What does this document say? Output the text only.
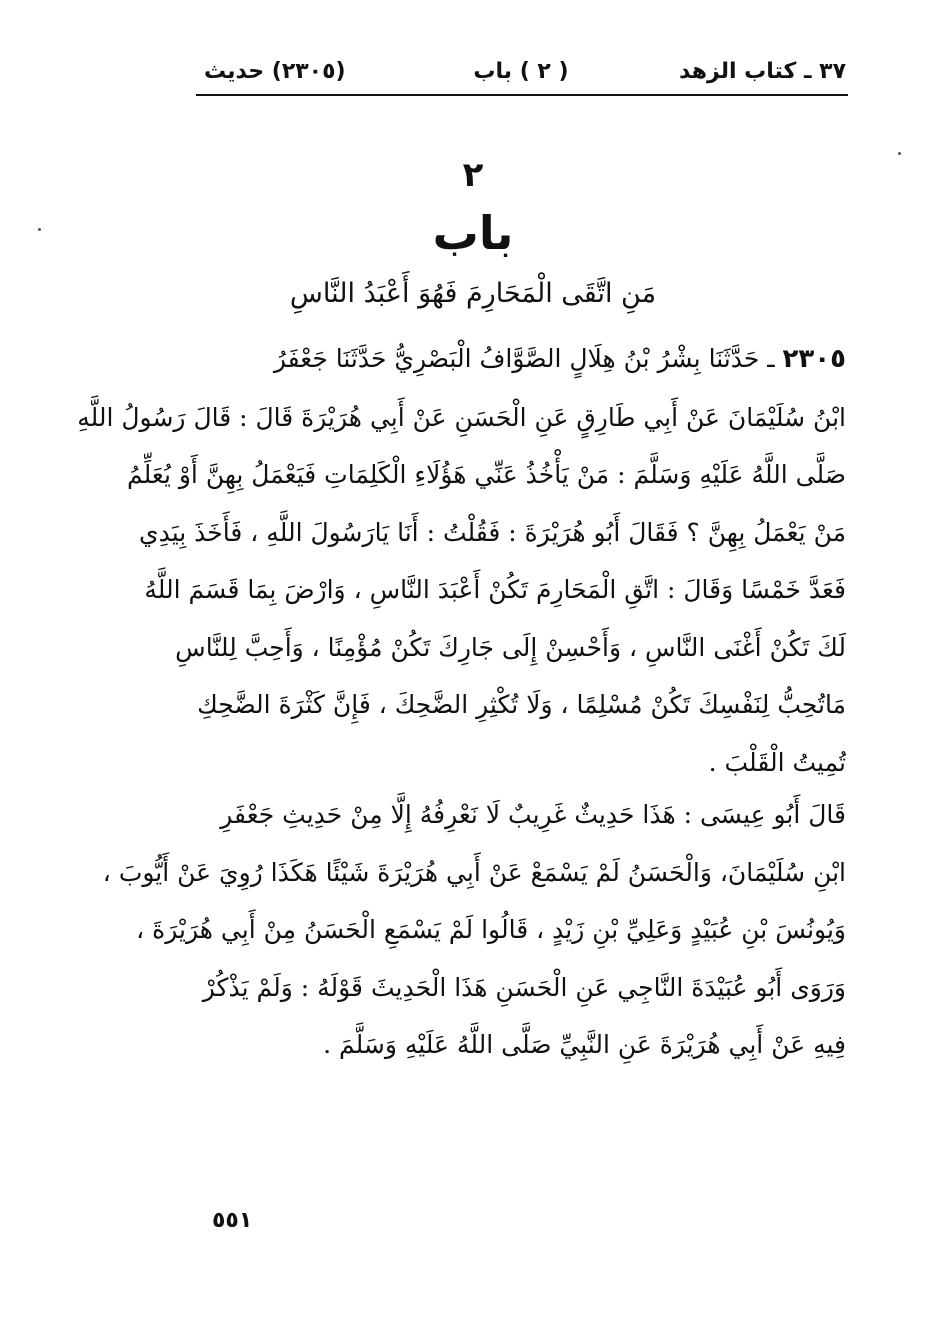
٣٧ ـ كتاب الزهد
( ٢ ) باب
(٢٣٠٥) حديث
٢
باب
مَنِ اتَّقَى الْمَحَارِمَ فَهُوَ أَعْبَدُ النَّاسِ
٢٣٠٥ ـ حَدَّثَنَا بِشْرُ بْنُ هِلَالٍ الصَّوَّافُ الْبَصْرِيُّ حَدَّثَنَا جَعْفَرُ
ابْنُ سُلَيْمَانَ عَنْ أَبِي طَارِقٍ عَنِ الْحَسَنِ عَنْ أَبِي هُرَيْرَةَ قَالَ : قَالَ رَسُولُ اللَّهِ
صَلَّى اللَّهُ عَلَيْهِ وَسَلَّمَ : مَنْ يَأْخُذُ عَنِّي هَؤُلَاءِ الْكَلِمَاتِ فَيَعْمَلُ بِهِنَّ أَوْ يُعَلِّمُ
مَنْ يَعْمَلُ بِهِنَّ ؟ فَقَالَ أَبُو هُرَيْرَةَ : فَقُلْتُ : أَنَا يَارَسُولَ اللَّهِ ، فَأَخَذَ بِيَدِي
فَعَدَّ خَمْسًا وَقَالَ : اتَّقِ الْمَحَارِمَ تَكُنْ أَعْبَدَ النَّاسِ ، وَارْضَ بِمَا قَسَمَ اللَّهُ
لَكَ تَكُنْ أَغْنَى النَّاسِ ، وَأَحْسِنْ إِلَى جَارِكَ تَكُنْ مُؤْمِنًا ، وَأَحِبَّ لِلنَّاسِ
مَاتُحِبُّ لِنَفْسِكَ تَكُنْ مُسْلِمًا ، وَلَا تُكْثِرِ الضَّحِكَ ، فَإِنَّ كَثْرَةَ الضَّحِكِ
تُمِيتُ الْقَلْبَ .
قَالَ أَبُو عِيسَى : هَذَا حَدِيثٌ غَرِيبٌ لَا نَعْرِفُهُ إِلَّا مِنْ حَدِيثِ جَعْفَرِ
ابْنِ سُلَيْمَانَ، وَالْحَسَنُ لَمْ يَسْمَعْ عَنْ أَبِي هُرَيْرَةَ شَيْئًا هَكَذَا رُوِيَ عَنْ أَيُّوبَ ،
وَيُونُسَ بْنِ عُبَيْدٍ وَعَلِيِّ بْنِ زَيْدٍ ، قَالُوا لَمْ يَسْمَعِ الْحَسَنُ مِنْ أَبِي هُرَيْرَةَ ،
وَرَوَى أَبُو عُبَيْدَةَ النَّاجِي عَنِ الْحَسَنِ هَذَا الْحَدِيثَ قَوْلَهُ : وَلَمْ يَذْكُرْ
فِيهِ عَنْ أَبِي هُرَيْرَةَ عَنِ النَّبِيِّ صَلَّى اللَّهُ عَلَيْهِ وَسَلَّمَ .
٥٥١
